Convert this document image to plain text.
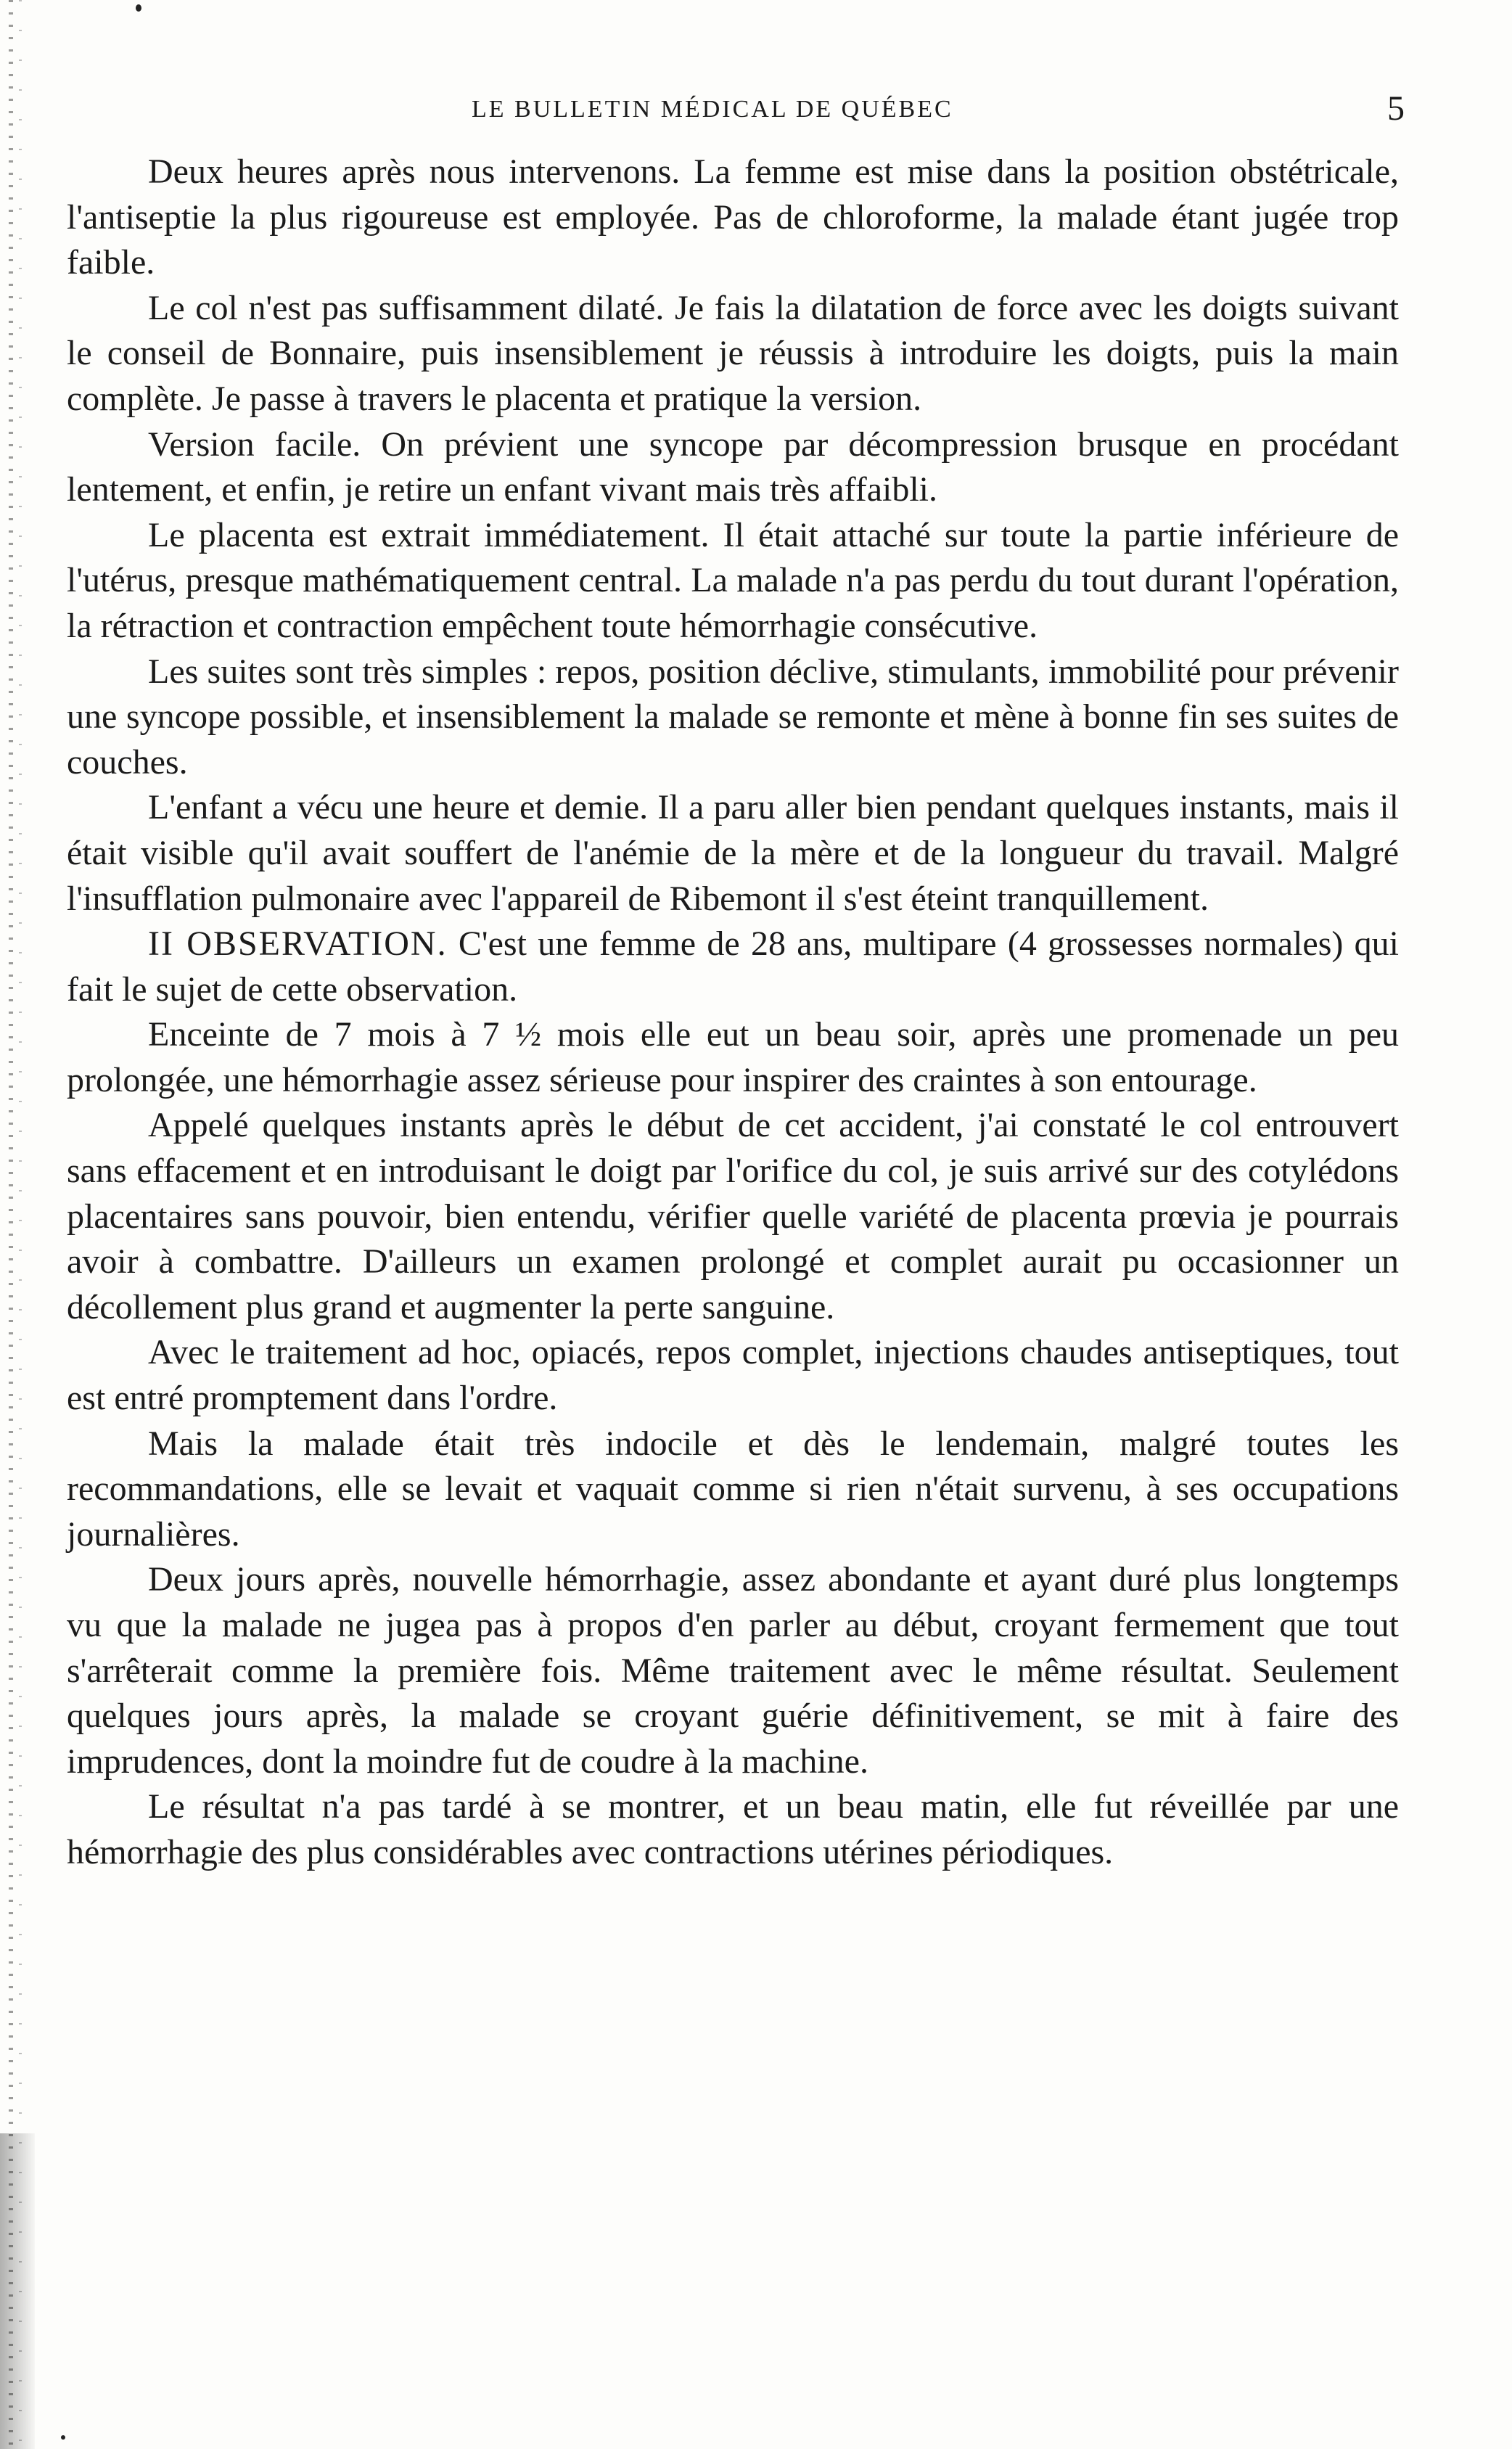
LE BULLETIN MÉDICAL DE QUÉBEC	5

Deux heures après nous intervenons. La femme est mise dans la position obstétricale, l'antiseptie la plus rigoureuse est employée. Pas de chloroforme, la malade étant jugée trop faible.

Le col n'est pas suffisamment dilaté. Je fais la dilatation de force avec les doigts suivant le conseil de Bonnaire, puis insensiblement je réussis à introduire les doigts, puis la main complète. Je passe à travers le placenta et pratique la version.

Version facile. On prévient une syncope par décompression brusque en procédant lentement, et enfin, je retire un enfant vivant mais très affaibli.

Le placenta est extrait immédiatement. Il était attaché sur toute la partie inférieure de l'utérus, presque mathématiquement central. La malade n'a pas perdu du tout durant l'opération, la rétraction et contraction empêchent toute hémorrhagie consécutive.

Les suites sont très simples : repos, position déclive, stimulants, immobilité pour prévenir une syncope possible, et insensiblement la malade se remonte et mène à bonne fin ses suites de couches.

L'enfant a vécu une heure et demie. Il a paru aller bien pendant quelques instants, mais il était visible qu'il avait souffert de l'anémie de la mère et de la longueur du travail. Malgré l'insufflation pulmonaire avec l'appareil de Ribemont il s'est éteint tranquillement.

II OBSERVATION. C'est une femme de 28 ans, multipare (4 grossesses normales) qui fait le sujet de cette observation.

Enceinte de 7 mois à 7 ½ mois elle eut un beau soir, après une promenade un peu prolongée, une hémorrhagie assez sérieuse pour inspirer des craintes à son entourage.

Appelé quelques instants après le début de cet accident, j'ai constaté le col entrouvert sans effacement et en introduisant le doigt par l'orifice du col, je suis arrivé sur des cotylédons placentaires sans pouvoir, bien entendu, vérifier quelle variété de placenta prœvia je pourrais avoir à combattre. D'ailleurs un examen prolongé et complet aurait pu occasionner un décollement plus grand et augmenter la perte sanguine.

Avec le traitement ad hoc, opiacés, repos complet, injections chaudes antiseptiques, tout est entré promptement dans l'ordre.

Mais la malade était très indocile et dès le lendemain, malgré toutes les recommandations, elle se levait et vaquait comme si rien n'était survenu, à ses occupations journalières.

Deux jours après, nouvelle hémorrhagie, assez abondante et ayant duré plus longtemps vu que la malade ne jugea pas à propos d'en parler au début, croyant fermement que tout s'arrêterait comme la première fois. Même traitement avec le même résultat. Seulement quelques jours après, la malade se croyant guérie définitivement, se mit à faire des imprudences, dont la moindre fut de coudre à la machine.

Le résultat n'a pas tardé à se montrer, et un beau matin, elle fut réveillée par une hémorrhagie des plus considérables avec contractions utérines périodiques.
